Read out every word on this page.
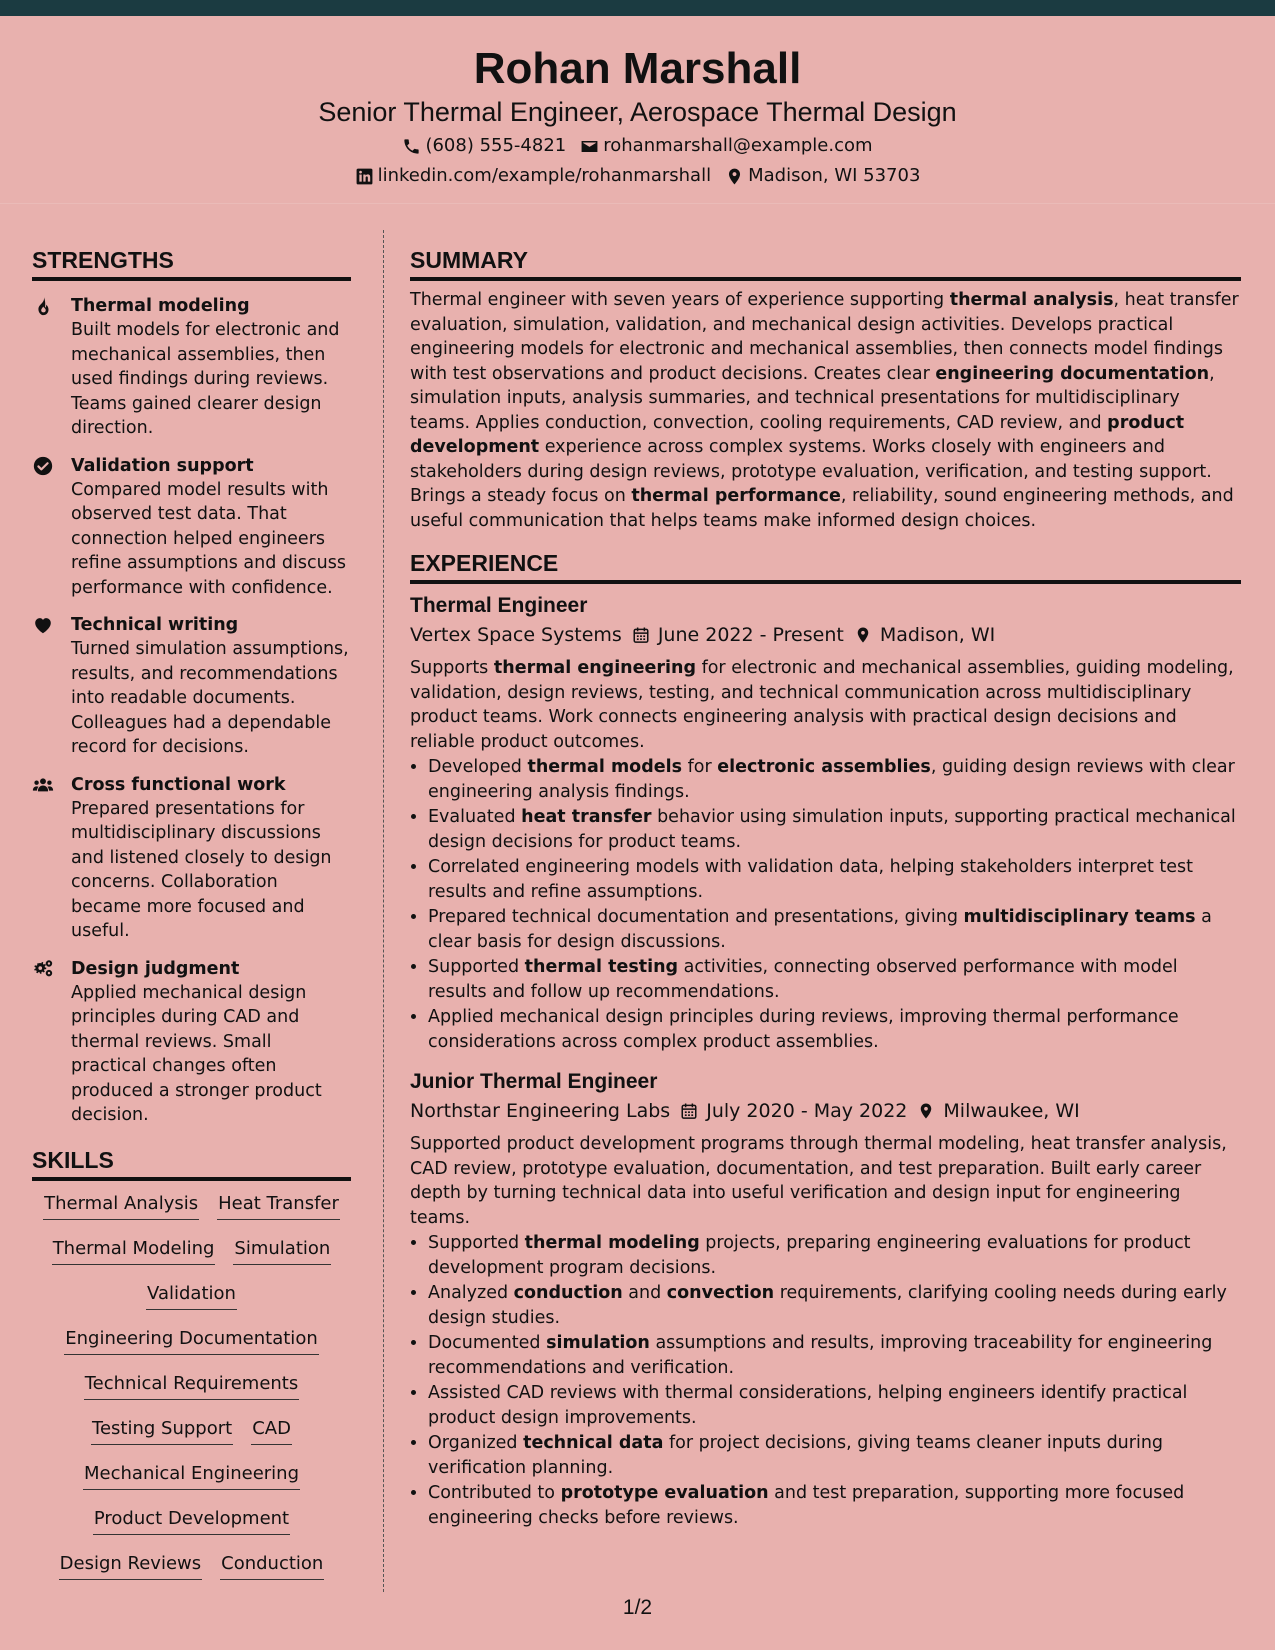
Rohan Marshall
Senior Thermal Engineer, Aerospace Thermal Design
(608) 555-4821 rohanmarshall@example.com
linkedin.com/example/rohanmarshall Madison, WI 53703
STRENGTHS
Thermal modeling
Built models for electronic and mechanical assemblies, then used findings during reviews. Teams gained clearer design direction.
Validation support
Compared model results with observed test data. That connection helped engineers refine assumptions and discuss performance with confidence.
Technical writing
Turned simulation assumptions, results, and recommendations into readable documents. Colleagues had a dependable record for decisions.
Cross functional work
Prepared presentations for multidisciplinary discussions and listened closely to design concerns. Collaboration became more focused and useful.
Design judgment
Applied mechanical design principles during CAD and thermal reviews. Small practical changes often produced a stronger product decision.
SKILLS
Thermal Analysis Heat Transfer
Thermal Modeling Simulation
Validation
Engineering Documentation
Technical Requirements
Testing Support CAD
Mechanical Engineering
Product Development
Design Reviews Conduction
SUMMARY

Thermal engineer with seven years of experience supporting thermal analysis, heat transfer evaluation, simulation, validation, and mechanical design activities. Develops practical engineering models for electronic and mechanical assemblies, then connects model findings with test observations and product decisions. Creates clear engineering documentation, simulation inputs, analysis summaries, and technical presentations for multidisciplinary teams. Applies conduction, convection, cooling requirements, CAD review, and product development experience across complex systems. Works closely with engineers and stakeholders during design reviews, prototype evaluation, verification, and testing support. Brings a steady focus on thermal performance, reliability, sound engineering methods, and useful communication that helps teams make informed design choices.

EXPERIENCE
Thermal Engineer
Vertex Space Systems June 2022 - Present Madison, WI

Supports thermal engineering for electronic and mechanical assemblies, guiding modeling, validation, design reviews, testing, and technical communication across multidisciplinary product teams. Work connects engineering analysis with practical design decisions and reliable product outcomes.

• Developed thermal models for electronic assemblies, guiding design reviews with clear engineering analysis findings.
• Evaluated heat transfer behavior using simulation inputs, supporting practical mechanical design decisions for product teams.
• Correlated engineering models with validation data, helping stakeholders interpret test results and refine assumptions.
• Prepared technical documentation and presentations, giving multidisciplinary teams a clear basis for design discussions.
• Supported thermal testing activities, connecting observed performance with model results and follow up recommendations.
• Applied mechanical design principles during reviews, improving thermal performance considerations across complex product assemblies.
Junior Thermal Engineer
Northstar Engineering Labs July 2020 - May 2022 Milwaukee, WI

Supported product development programs through thermal modeling, heat transfer analysis, CAD review, prototype evaluation, documentation, and test preparation. Built early career depth by turning technical data into useful verification and design input for engineering teams.

• Supported thermal modeling projects, preparing engineering evaluations for product development program decisions.
• Analyzed conduction and convection requirements, clarifying cooling needs during early design studies.
• Documented simulation assumptions and results, improving traceability for engineering recommendations and verification.
• Assisted CAD reviews with thermal considerations, helping engineers identify practical product design improvements.
• Organized technical data for project decisions, giving teams cleaner inputs during verification planning.
• Contributed to prototype evaluation and test preparation, supporting more focused engineering checks before reviews.
1/2
